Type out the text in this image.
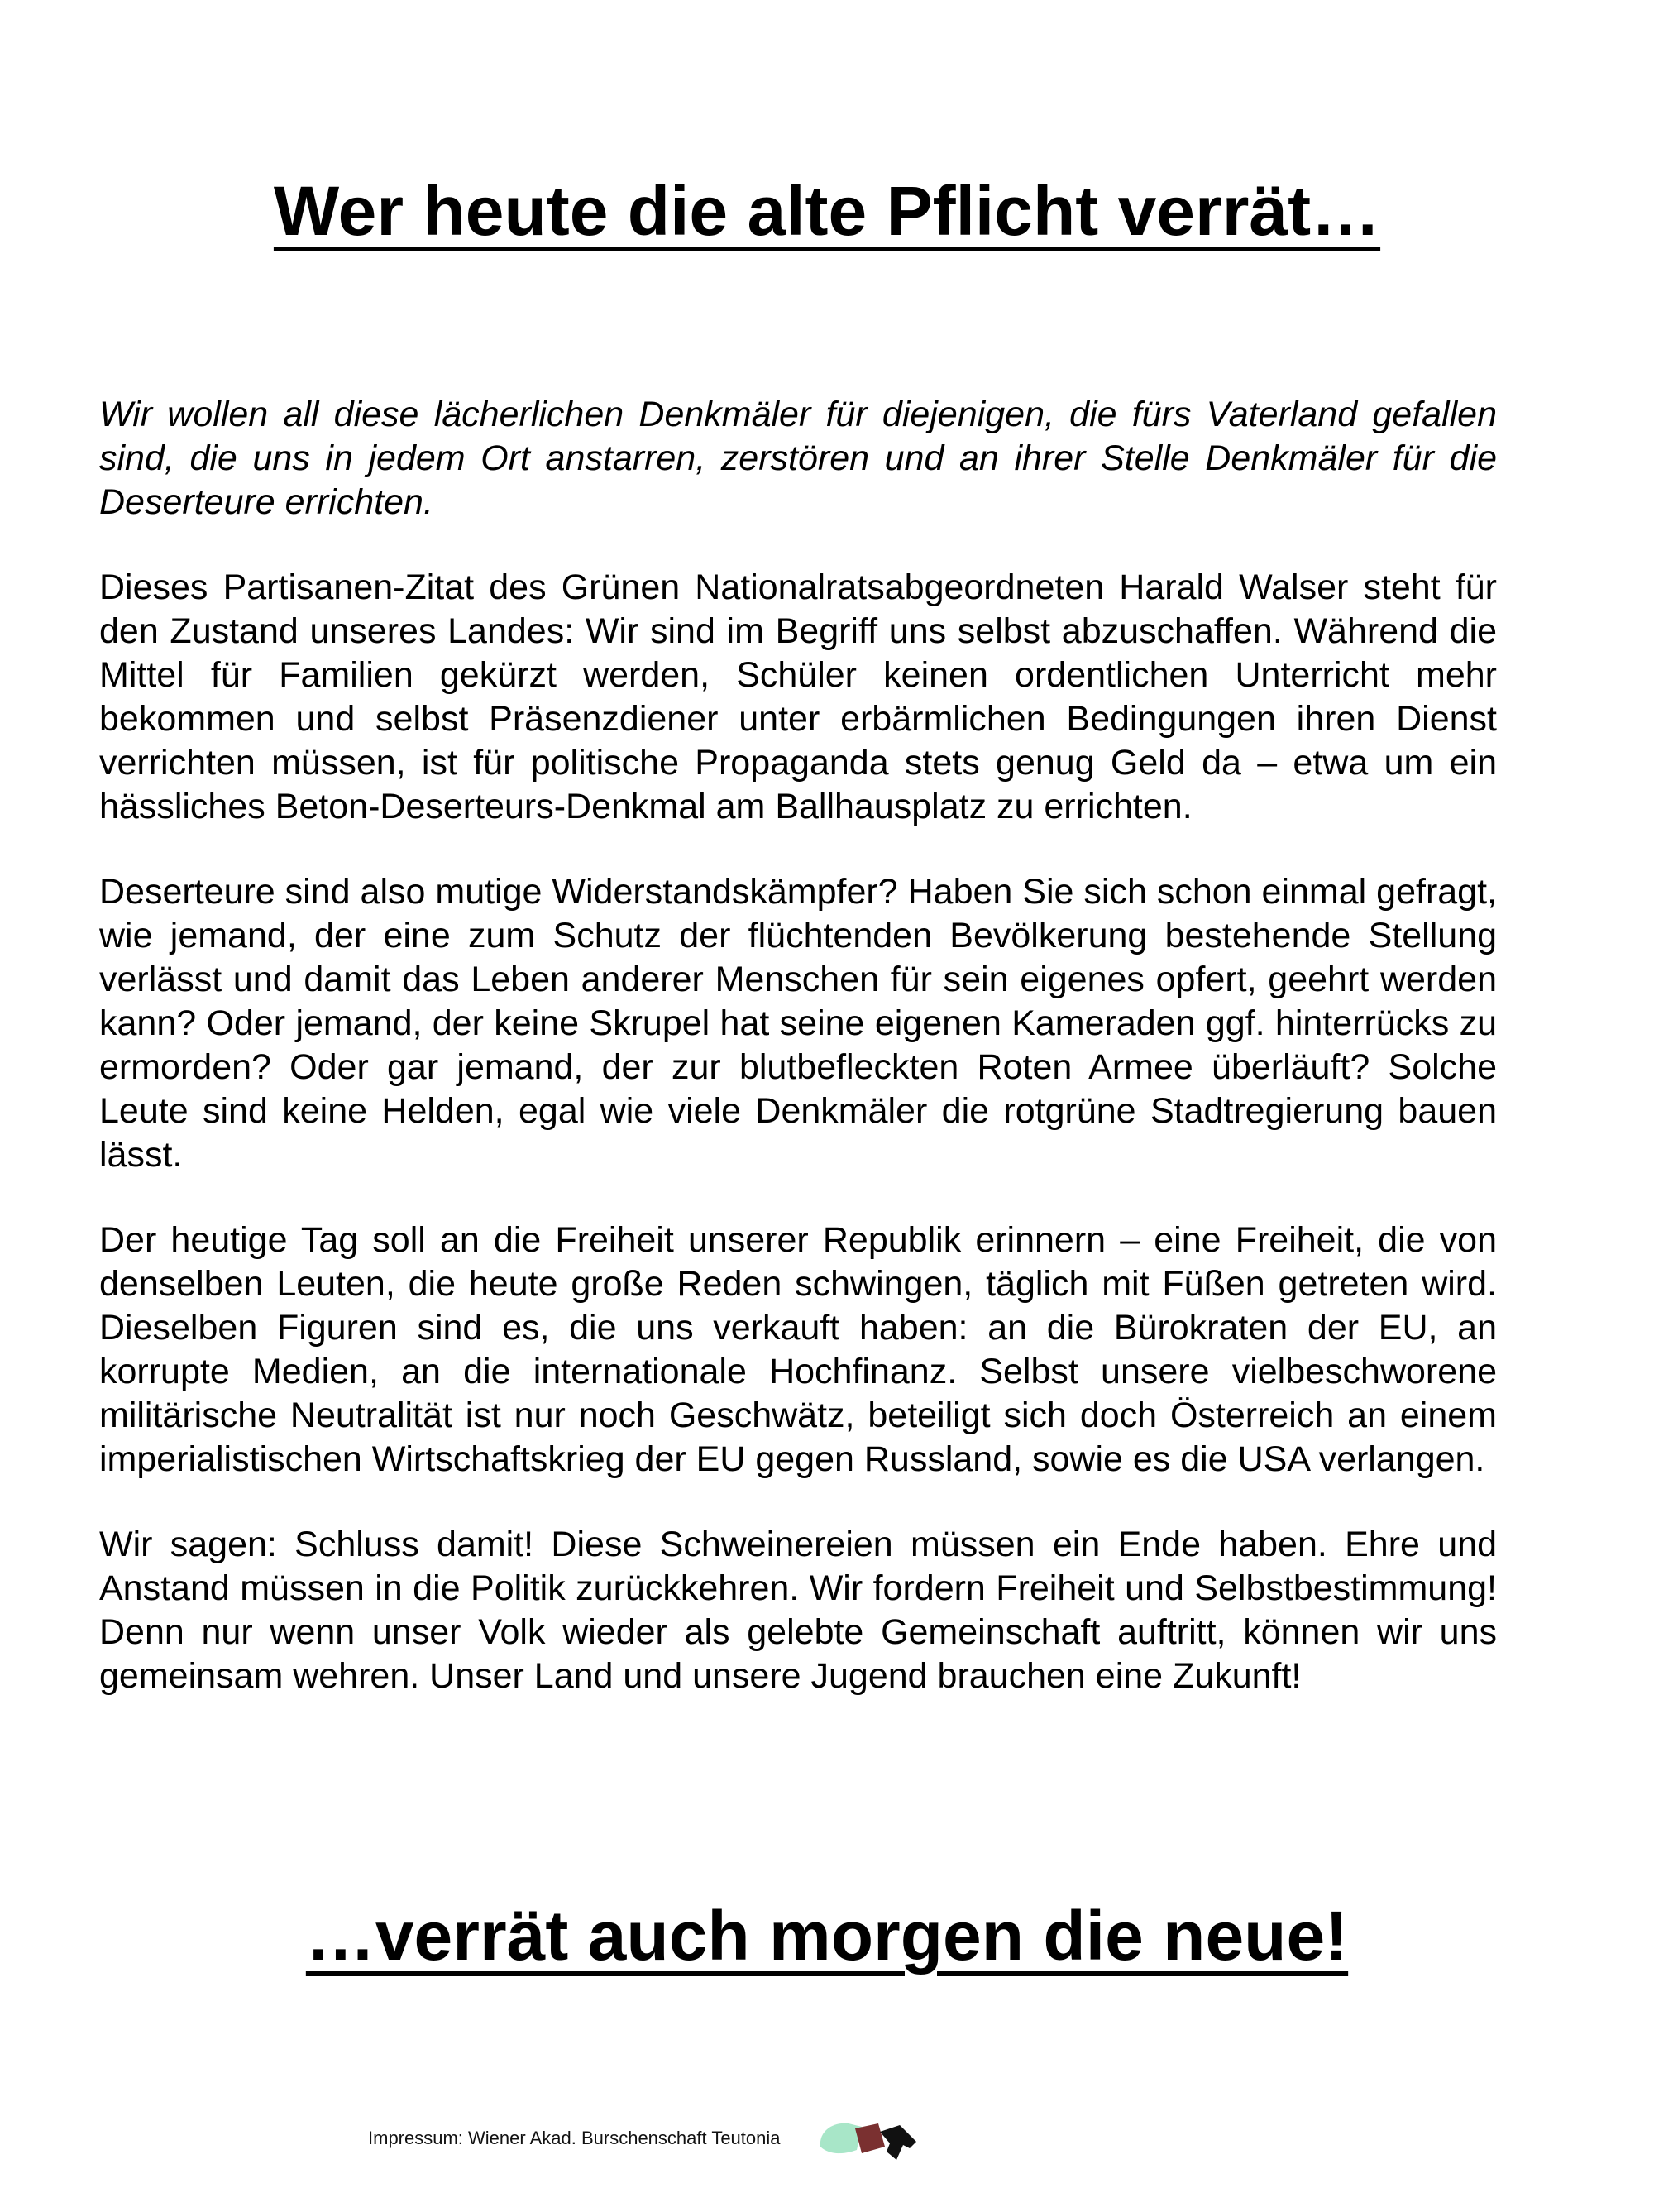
Wer heute die alte Pflicht verrät…

Wir wollen all diese lächerlichen Denkmäler für diejenigen, die fürs Vaterland gefallen sind, die uns in jedem Ort anstarren, zerstören und an ihrer Stelle Denkmäler für die Deserteure errichten.

Dieses Partisanen-Zitat des Grünen Nationalratsabgeordneten Harald Walser steht für den Zustand unseres Landes: Wir sind im Begriff uns selbst abzuschaffen. Während die Mittel für Familien gekürzt werden, Schüler keinen ordentlichen Unterricht mehr bekommen und selbst Präsenzdiener unter erbärmlichen Bedingungen ihren Dienst verrichten müssen, ist für politische Propaganda stets genug Geld da – etwa um ein hässliches Beton-Deserteurs-Denkmal am Ballhausplatz zu errichten.

Deserteure sind also mutige Widerstandskämpfer? Haben Sie sich schon einmal gefragt, wie jemand, der eine zum Schutz der flüchtenden Bevölkerung bestehende Stellung verlässt und damit das Leben anderer Menschen für sein eigenes opfert, geehrt werden kann? Oder jemand, der keine Skrupel hat seine eigenen Kameraden ggf. hinterrücks zu ermorden? Oder gar jemand, der zur blutbefleckten Roten Armee überläuft? Solche Leute sind keine Helden, egal wie viele Denkmäler die rotgrüne Stadtregierung bauen lässt.

Der heutige Tag soll an die Freiheit unserer Republik erinnern – eine Freiheit, die von denselben Leuten, die heute große Reden schwingen, täglich mit Füßen getreten wird. Dieselben Figuren sind es, die uns verkauft haben: an die Bürokraten der EU, an korrupte Medien, an die internationale Hochfinanz. Selbst unsere vielbeschworene militärische Neutralität ist nur noch Geschwätz, beteiligt sich doch Österreich an einem imperialistischen Wirtschaftskrieg der EU gegen Russland, sowie es die USA verlangen.

Wir sagen: Schluss damit! Diese Schweinereien müssen ein Ende haben. Ehre und Anstand müssen in die Politik zurückkehren. Wir fordern Freiheit und Selbstbestimmung! Denn nur wenn unser Volk wieder als gelebte Gemeinschaft auftritt, können wir uns gemeinsam wehren. Unser Land und unsere Jugend brauchen eine Zukunft!

…verrät auch morgen die neue!
Impressum: Wiener Akad. Burschenschaft Teutonia
